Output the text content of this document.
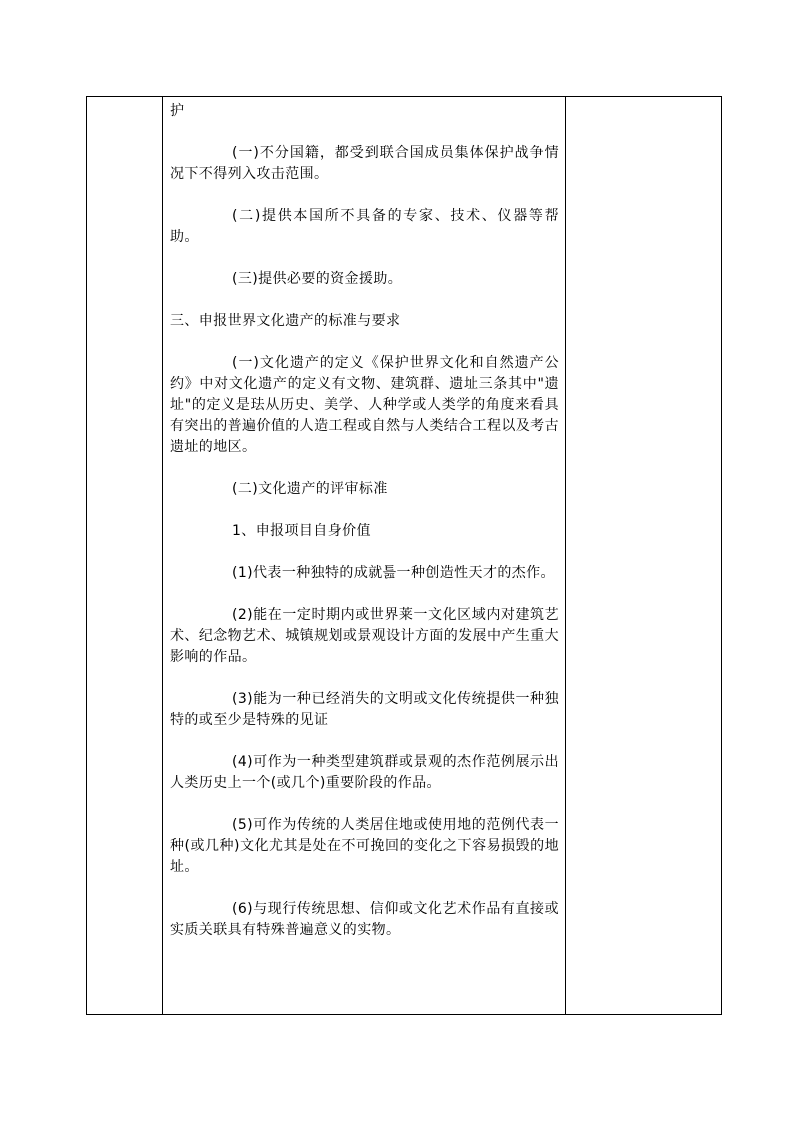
护

(一)不分国籍，都受到联合国成员集体保护战争情况下不得列入攻击范围。

(二)提供本国所不具备的专家、技术、仪器等帮助。

(三)提供必要的资金援助。

三、申报世界文化遗产的标准与要求

(一)文化遗产的定义《保护世界文化和自然遗产公约》中对文化遗产的定义有文物、建筑群、遗址三条其中"遗址"的定义是珐从历史、美学、人种学或人类学的角度来看具有突出的普遍价值的人造工程或自然与人类结合工程以及考古遗址的地区。

(二)文化遗产的评审标准

1、申报项目自身价值

(1)代表一种独特的成就틆一种创造性天才的杰作。

(2)能在一定时期内或世界莱一文化区域内对建筑艺术、纪念物艺术、城镇规划或景观设计方面的发展中产生重大影响的作品。

(3)能为一种已经消失的文明或文化传统提供一种独特的或至少是特殊的见证

(4)可作为一种类型建筑群或景观的杰作范例展示出人类历史上一个(或几个)重要阶段的作品。

(5)可作为传统的人类居住地或使用地的范例代表一种(或几种)文化尤其是处在不可挽回的变化之下容易损毁的地址。

(6)与现行传统思想、信仰或文化艺术作品有直接或实质关联具有特殊普遍意义的实物。
